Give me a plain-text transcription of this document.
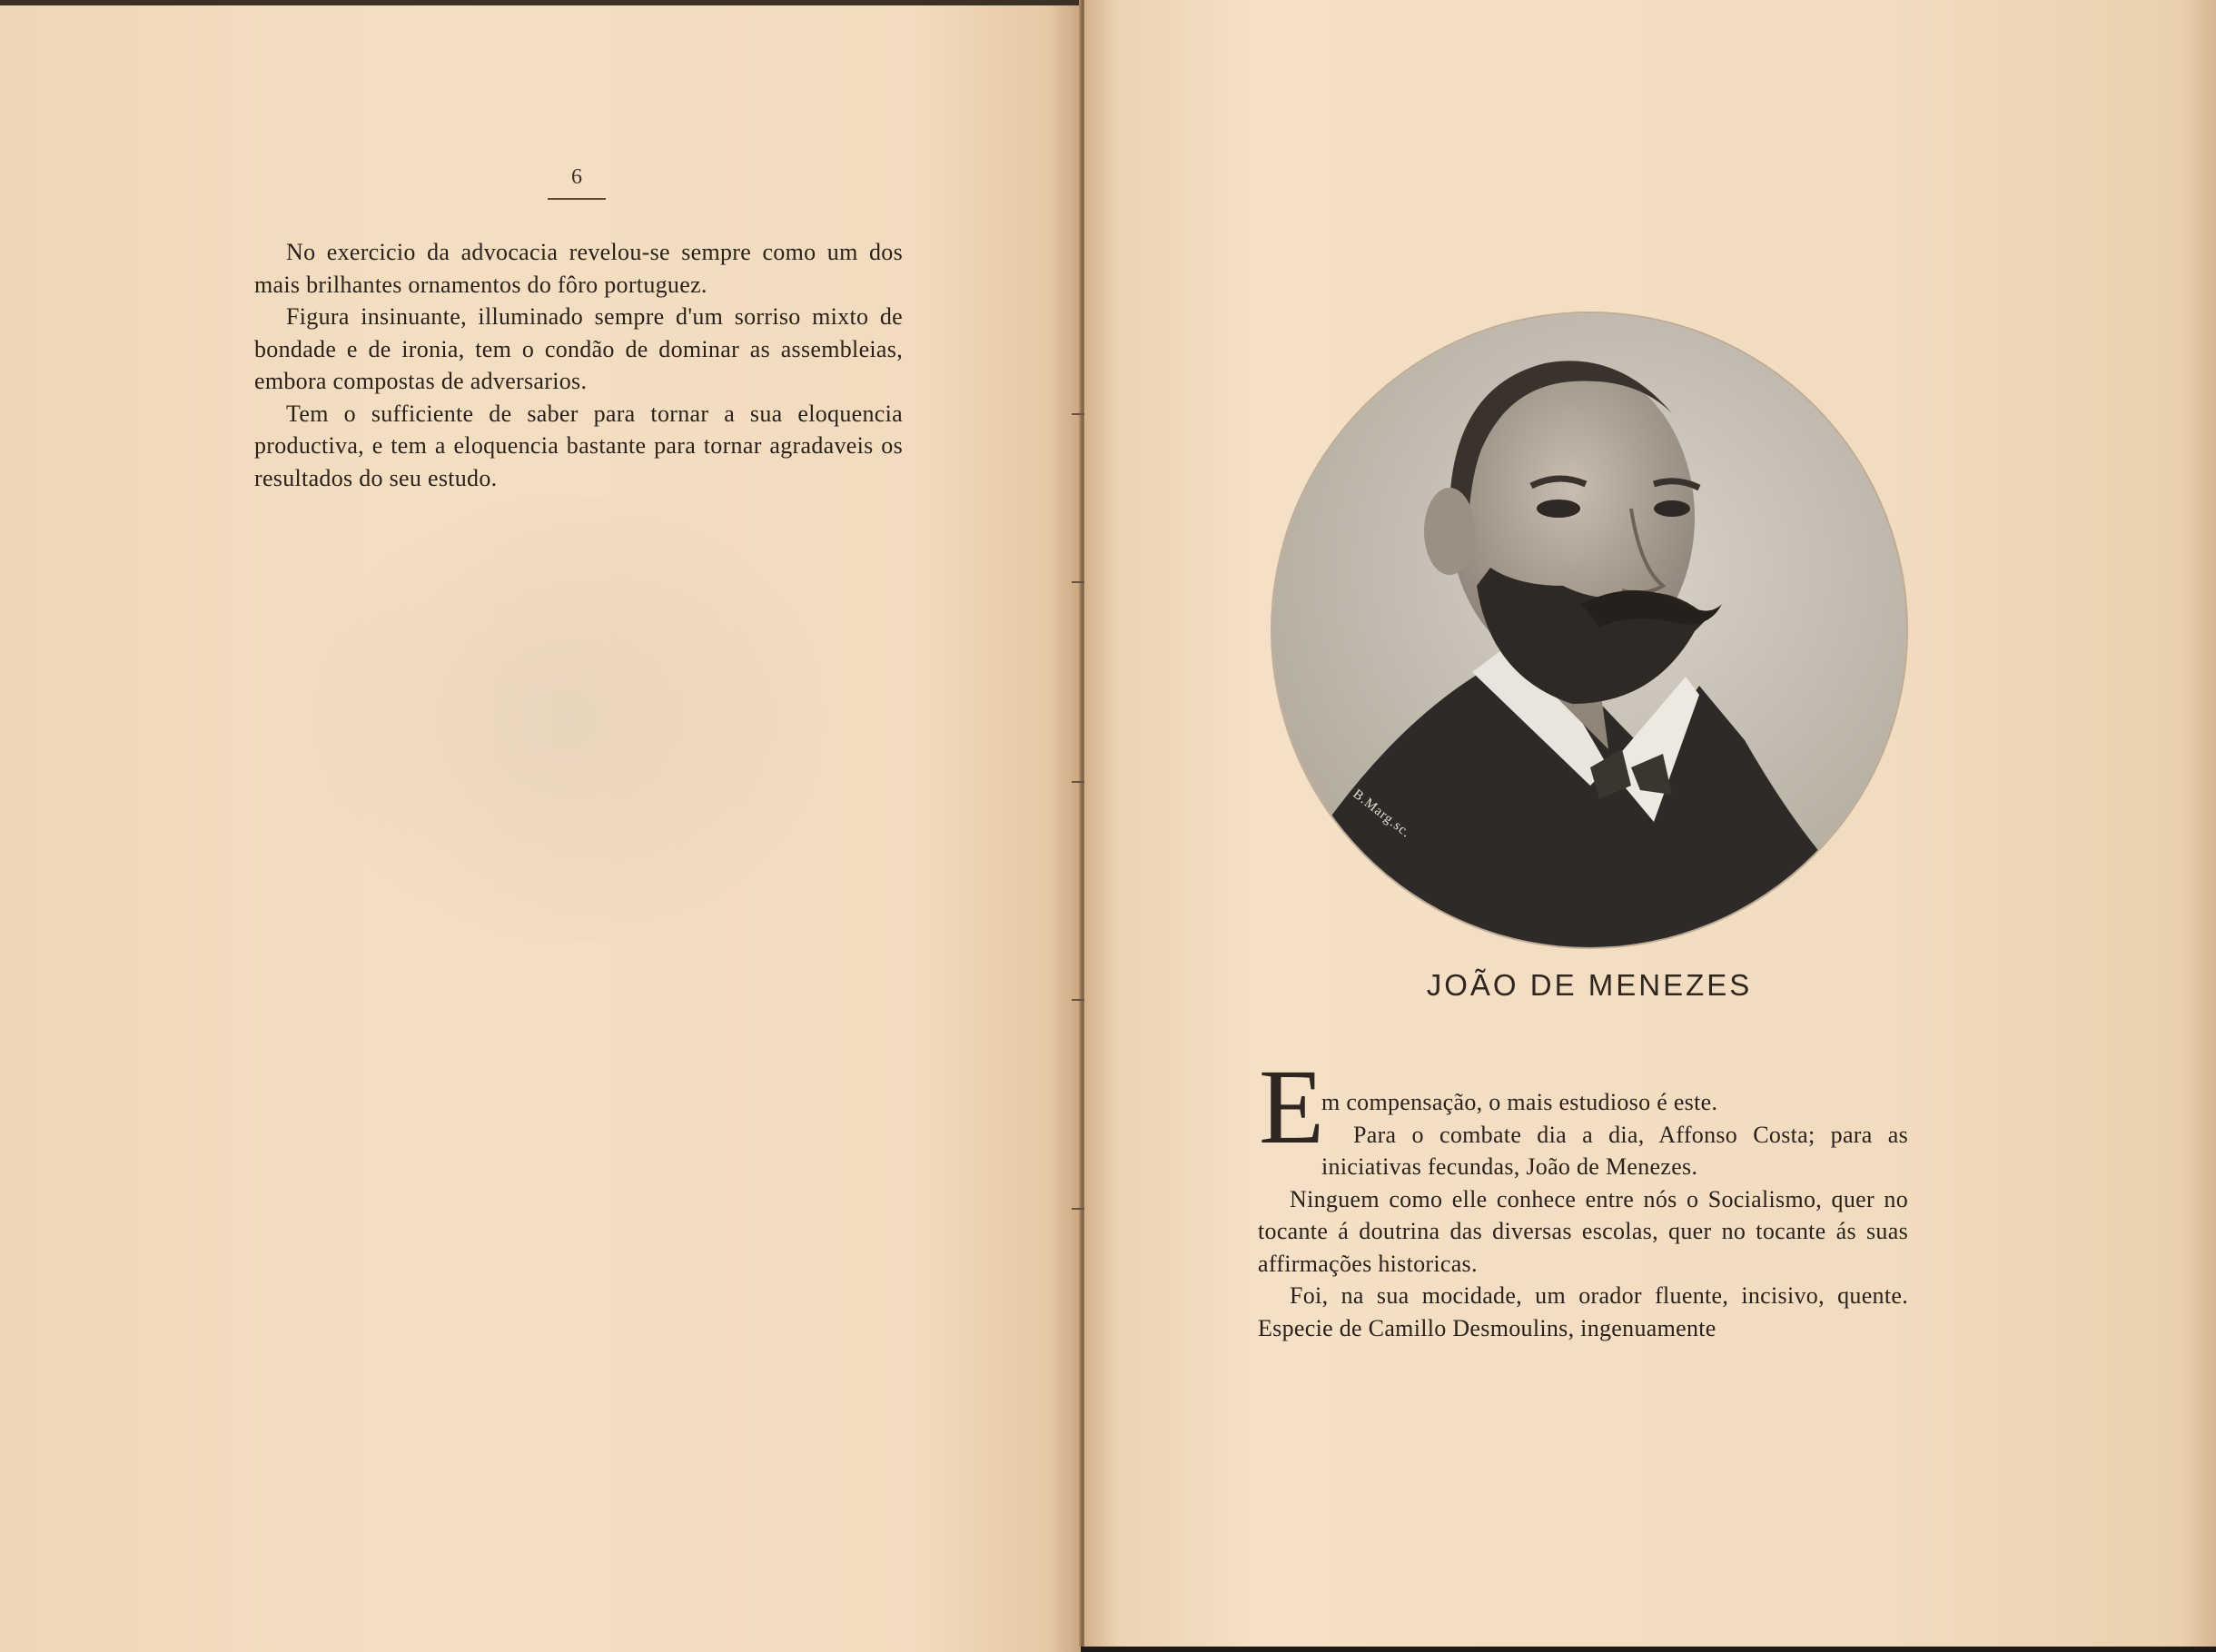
6

No exercicio da advocacia revelou-se sempre como um dos mais brilhantes ornamentos do fôro portuguez.

Figura insinuante, illuminado sempre d'um sorriso mixto de bondade e de ironia, tem o condão de dominar as assembleias, embora compostas de adversarios.

Tem o sufficiente de saber para tornar a sua eloquencia productiva, e tem a eloquencia bastante para tornar agradaveis os resultados do seu estudo.

B.Marg.sc.
JOÃO DE MENEZES
E

m compensação, o mais estudioso é este.

Para o combate dia a dia, Affonso Costa; para as iniciativas fecundas, João de Menezes.

Ninguem como elle conhece entre nós o Socialismo, quer no tocante á doutrina das diversas escolas, quer no tocante ás suas affirmações historicas.

Foi, na sua mocidade, um orador fluente, incisivo, quente. Especie de Camillo Desmoulins, ingenuamente
